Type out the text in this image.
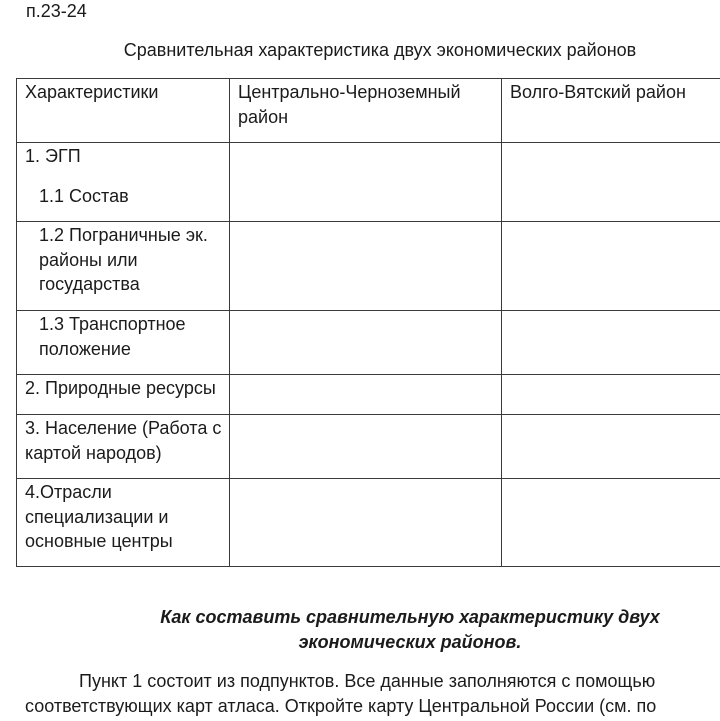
п.23-24
Сравнительная характеристика двух экономических районов
Характеристики	Центрально-Черноземный район	Волго-Вятский район

1. ЭГП
1.1 Состав		

1.2 Пограничные эк. районы или государства		

1.3 Транспортное положение		

2. Природные ресурсы		

3. Население (Работа с картой народов)		

4.Отрасли специализации и основные центры		

Как составить сравнительную характеристику двух экономических районов.
Пункт 1 состоит из подпунктов. Все данные заполняются с помощью
соответствующих карт атласа. Откройте карту Центральной России (см. по
